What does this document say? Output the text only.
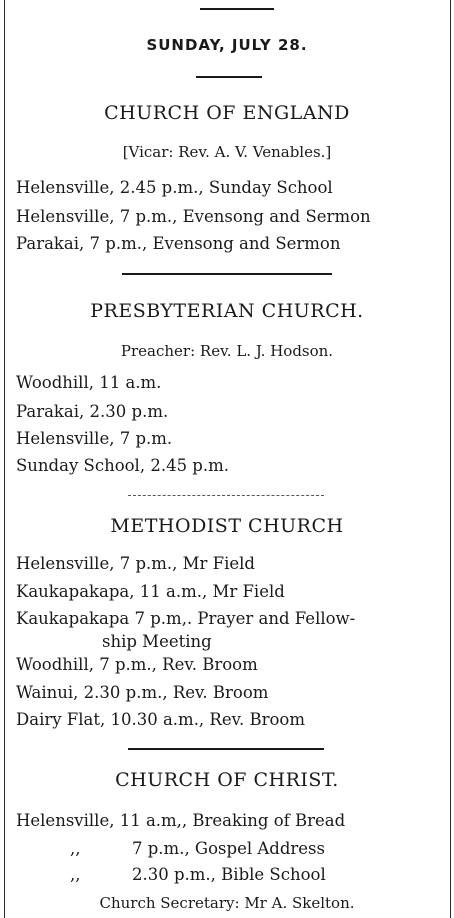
SUNDAY, JULY 28.
CHURCH OF ENGLAND
[Vicar: Rev. A. V. Venables.]
Helensville, 2.45 p.m., Sunday School
Helensville, 7 p.m., Evensong and Sermon
Parakai, 7 p.m., Evensong and Sermon
PRESBYTERIAN CHURCH.
Preacher: Rev. L. J. Hodson.
Woodhill, 11 a.m.
Parakai, 2.30 p.m.
Helensville, 7 p.m.
Sunday School, 2.45 p.m.
METHODIST CHURCH
Helensville, 7 p.m., Mr Field
Kaukapakapa, 11 a.m., Mr Field
Kaukapakapa 7 p.m,. Prayer and Fellow-
ship Meeting
Woodhill, 7 p.m., Rev. Broom
Wainui, 2.30 p.m., Rev. Broom
Dairy Flat, 10.30 a.m., Rev. Broom
CHURCH OF CHRIST.
Helensville, 11 a.m,, Breaking of Bread
,,	7 p.m., Gospel Address
,,	2.30 p.m., Bible School
Church Secretary: Mr A. Skelton.
